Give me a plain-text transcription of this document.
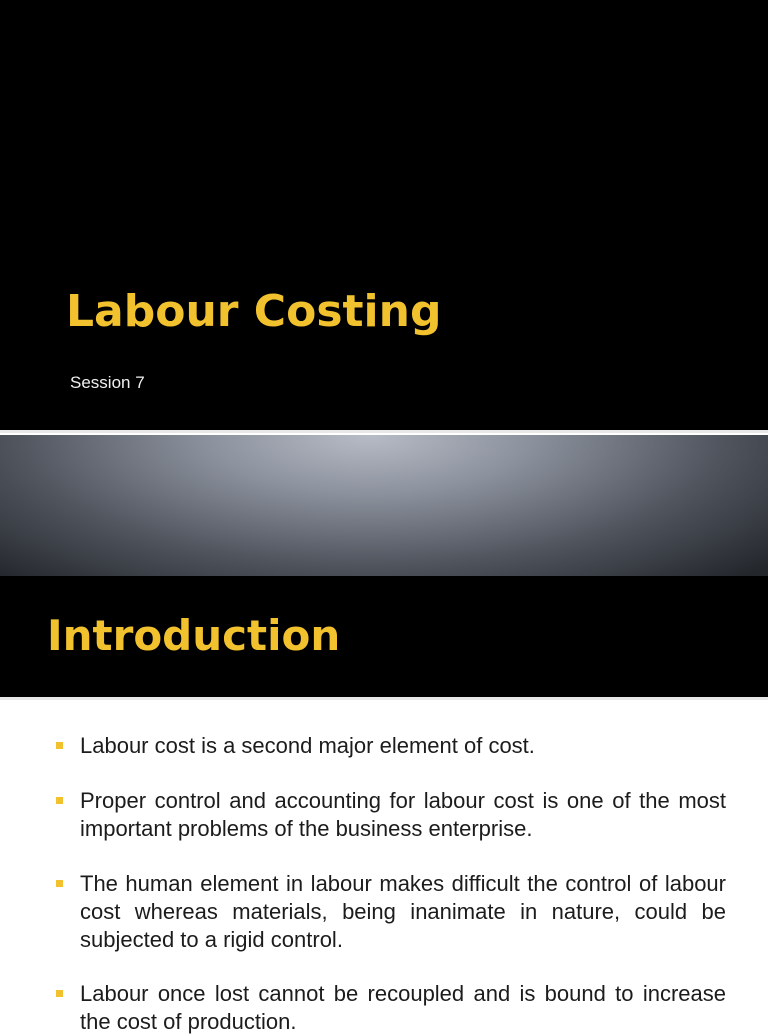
Labour Costing
Session 7
Introduction
Labour cost is a second major element of cost.
Proper control and accounting for labour cost is one of the most important problems of the business enterprise.
The human element in labour makes difficult the control of labour cost whereas materials, being inanimate in nature, could be subjected to a rigid control.
Labour once lost cannot be recoupled and is bound to increase the cost of production.
